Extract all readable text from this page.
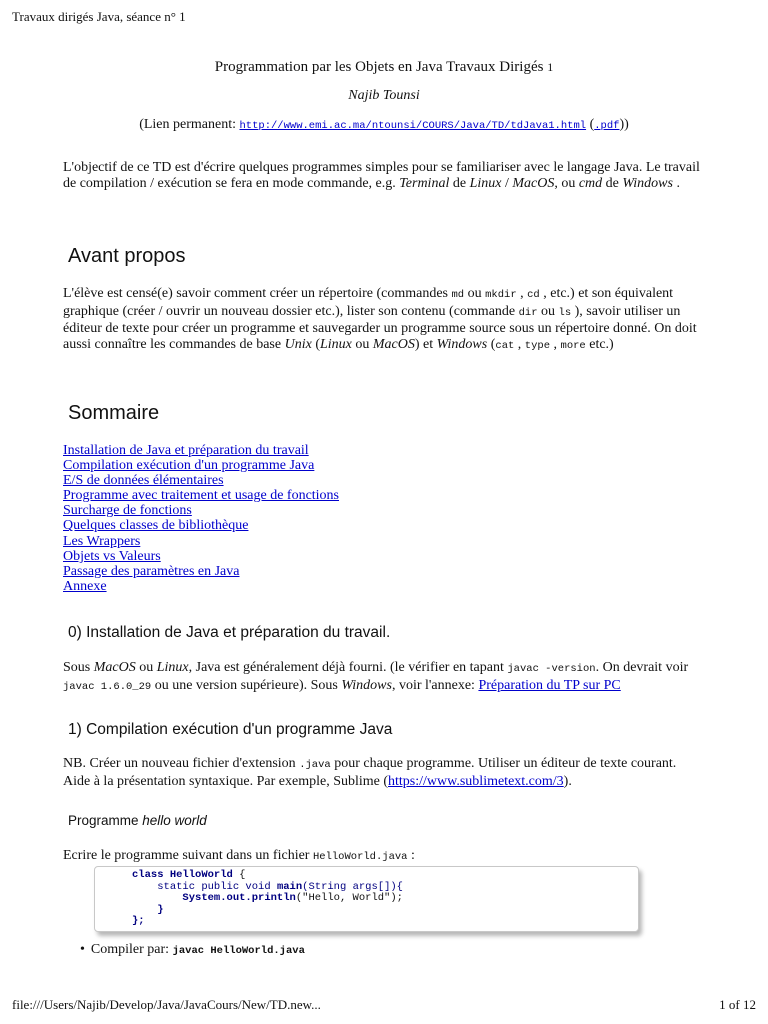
Travaux dirigés Java, séance n° 1
file:///Users/Najib/Develop/Java/JavaCours/New/TD.new...	1 of 12
Programmation par les Objets en Java Travaux Dirigés 1
Najib Tounsi
(Lien permanent: http://www.emi.ac.ma/ntounsi/COURS/Java/TD/tdJava1.html (.pdf))
L'objectif de ce TD est d'écrire quelques programmes simples pour se familiariser avec le langage Java. Le travail de compilation / exécution se fera en mode commande, e.g. Terminal de Linux / MacOS, ou cmd de Windows .
Avant propos
L'élève est censé(e) savoir comment créer un répertoire (commandes md ou mkdir , cd , etc.) et son équivalent graphique (créer / ouvrir un nouveau dossier etc.), lister son contenu (commande dir ou ls ), savoir utiliser un éditeur de texte pour créer un programme et sauvegarder un programme source sous un répertoire donné. On doit aussi connaître les commandes de base Unix (Linux ou MacOS) et Windows (cat , type , more etc.)
Sommaire
Installation de Java et préparation du travail
Compilation exécution d'un programme Java
E/S de données élémentaires
Programme avec traitement et usage de fonctions
Surcharge de fonctions
Quelques classes de bibliothèque
Les Wrappers
Objets vs Valeurs
Passage des paramètres en Java
Annexe
0) Installation de Java et préparation du travail.
Sous MacOS ou Linux, Java est généralement déjà fourni. (le vérifier en tapant javac -version. On devrait voir javac 1.6.0_29 ou une version supérieure). Sous Windows, voir l'annexe: Préparation du TP sur PC
1) Compilation exécution d'un programme Java
NB. Créer un nouveau fichier d'extension .java pour chaque programme. Utiliser un éditeur de texte courant. Aide à la présentation syntaxique. Par exemple, Sublime (https://www.sublimetext.com/3).
Programme hello world
Ecrire le programme suivant dans un fichier HelloWorld.java :
class HelloWorld {
static public void main(String args[]){
System.out.println("Hello, World");
}
};
• Compiler par: javac HelloWorld.java
